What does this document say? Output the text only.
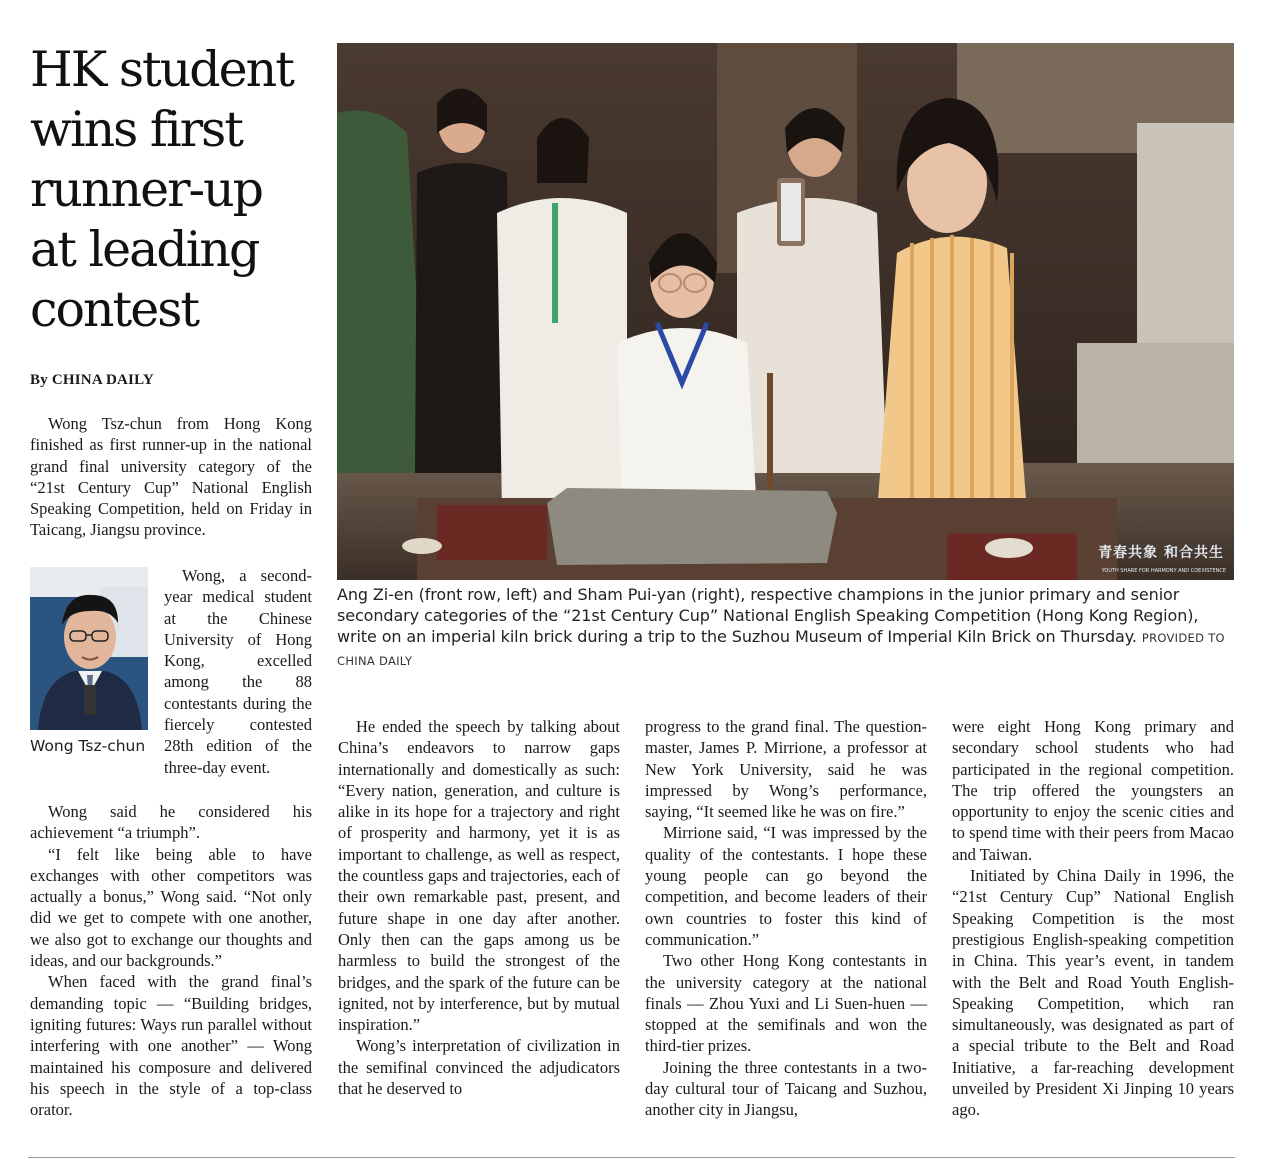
HK student
wins first
runner-up
at leading
contest
By CHINA DAILY

Wong Tsz-chun from Hong Kong finished as first runner-up in the national grand final university category of the “21st Century Cup” National English Speaking Competition, held on Friday in Taicang, Jiangsu province.

Wong Tsz-chun

Wong, a second-year medical student at the Chinese University of Hong Kong, excelled among the 88 contestants during the fiercely contested 28th edition of the three-day event.

Wong said he considered his achievement “a triumph”.

“I felt like being able to have exchanges with other competitors was actually a bonus,” Wong said. “Not only did we get to compete with one another, we also got to exchange our thoughts and ideas, and our backgrounds.”

When faced with the grand final’s demanding topic — “Building bridges, igniting futures: Ways run parallel without interfering with one another” — Wong maintained his composure and delivered his speech in the style of a top-class orator.

He ended the speech by talking about China’s endeavors to narrow gaps internationally and domestically as such: “Every nation, generation, and culture is alike in its hope for a trajectory and right of prosperity and harmony, yet it is as important to challenge, as well as respect, the countless gaps and trajectories, each of their own remarkable past, present, and future shape in one day after another. Only then can the gaps among us be harmless to build the strongest of the bridges, and the spark of the future can be ignited, not by interference, but by mutual inspiration.”

Wong’s interpretation of civilization in the semifinal convinced the adjudicators that he deserved to

progress to the grand final. The question-master, James P. Mirrione, a professor at New York University, said he was impressed by Wong’s performance, saying, “It seemed like he was on fire.”

Mirrione said, “I was impressed by the quality of the contestants. I hope these young people can go beyond the competition, and become leaders of their own countries to foster this kind of communication.”

Two other Hong Kong contestants in the university category at the national finals — Zhou Yuxi and Li Suen-huen — stopped at the semifinals and won the third-tier prizes.

Joining the three contestants in a two-day cultural tour of Taicang and Suzhou, another city in Jiangsu,

were eight Hong Kong primary and secondary school students who had participated in the regional competition. The trip offered the youngsters an opportunity to enjoy the scenic cities and to spend time with their peers from Macao and Taiwan.

Initiated by China Daily in 1996, the “21st Century Cup” National English Speaking Competition is the most prestigious English-speaking competition in China. This year’s event, in tandem with the Belt and Road Youth English-Speaking Competition, which ran simultaneously, was designated as part of a special tribute to the Belt and Road Initiative, a far-reaching development unveiled by President Xi Jinping 10 years ago.

青春共象 和合共生
YOUTH SHARE FOR HARMONY AND COEXISTENCE
Ang Zi-en (front row, left) and Sham Pui-yan (right), respective champions in the junior primary and senior secondary categories of the “21st Century Cup” National English Speaking Competition (Hong Kong Region), write on an imperial kiln brick during a trip to the Suzhou Museum of Imperial Kiln Brick on Thursday. PROVIDED TO CHINA DAILY
